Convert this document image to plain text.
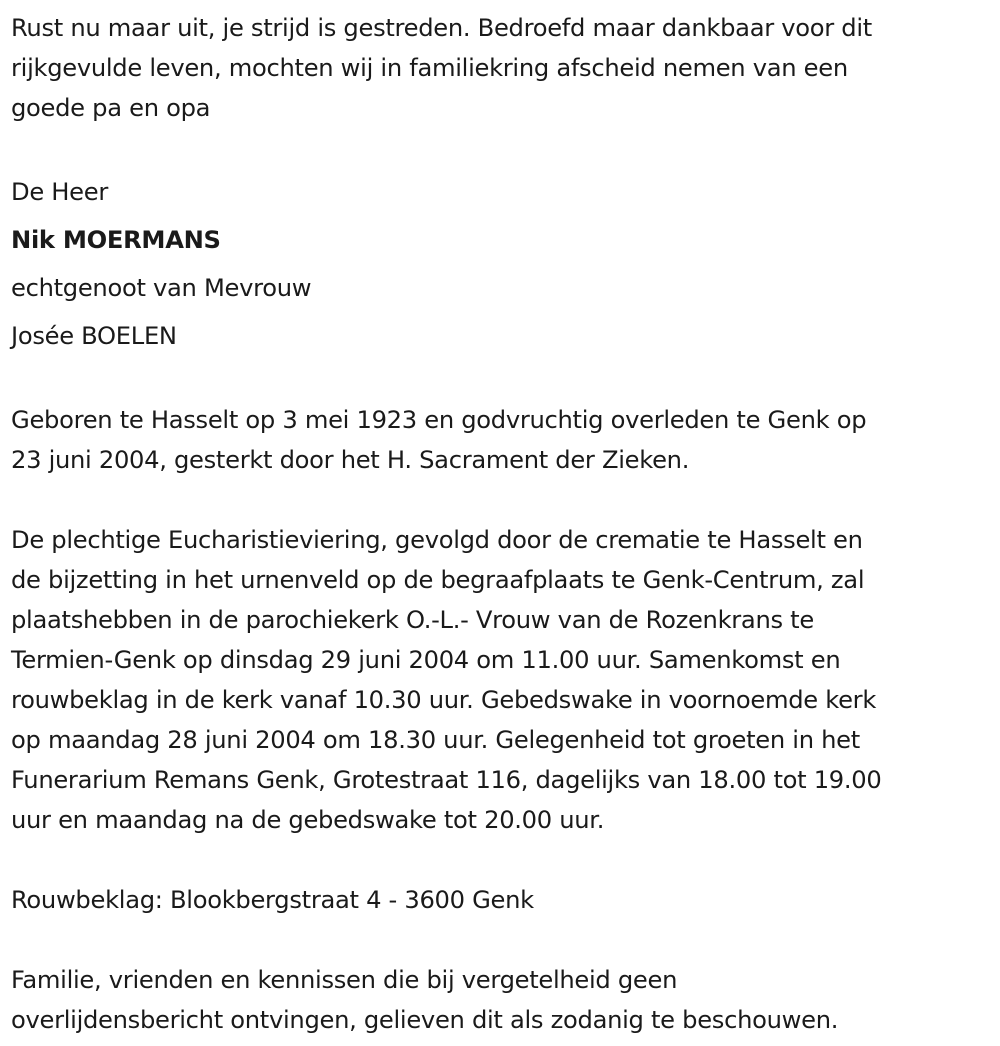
Rust nu maar uit, je strijd is gestreden. Bedroefd maar dankbaar voor dit

rijkgevulde leven, mochten wij in familiekring afscheid nemen van een

goede pa en opa

De Heer

Nik MOERMANS

echtgenoot van Mevrouw

Josée BOELEN

Geboren te Hasselt op 3 mei 1923 en godvruchtig overleden te Genk op

23 juni 2004, gesterkt door het H. Sacrament der Zieken.

De plechtige Eucharistieviering, gevolgd door de crematie te Hasselt en

de bijzetting in het urnenveld op de begraafplaats te Genk-Centrum, zal

plaatshebben in de parochiekerk O.-L.- Vrouw van de Rozenkrans te

Termien-Genk op dinsdag 29 juni 2004 om 11.00 uur. Samenkomst en

rouwbeklag in de kerk vanaf 10.30 uur. Gebedswake in voornoemde kerk

op maandag 28 juni 2004 om 18.30 uur. Gelegenheid tot groeten in het

Funerarium Remans Genk, Grotestraat 116, dagelijks van 18.00 tot 19.00

uur en maandag na de gebedswake tot 20.00 uur.

Rouwbeklag: Blookbergstraat 4 - 3600 Genk

Familie, vrienden en kennissen die bij vergetelheid geen

overlijdensbericht ontvingen, gelieven dit als zodanig te beschouwen.
